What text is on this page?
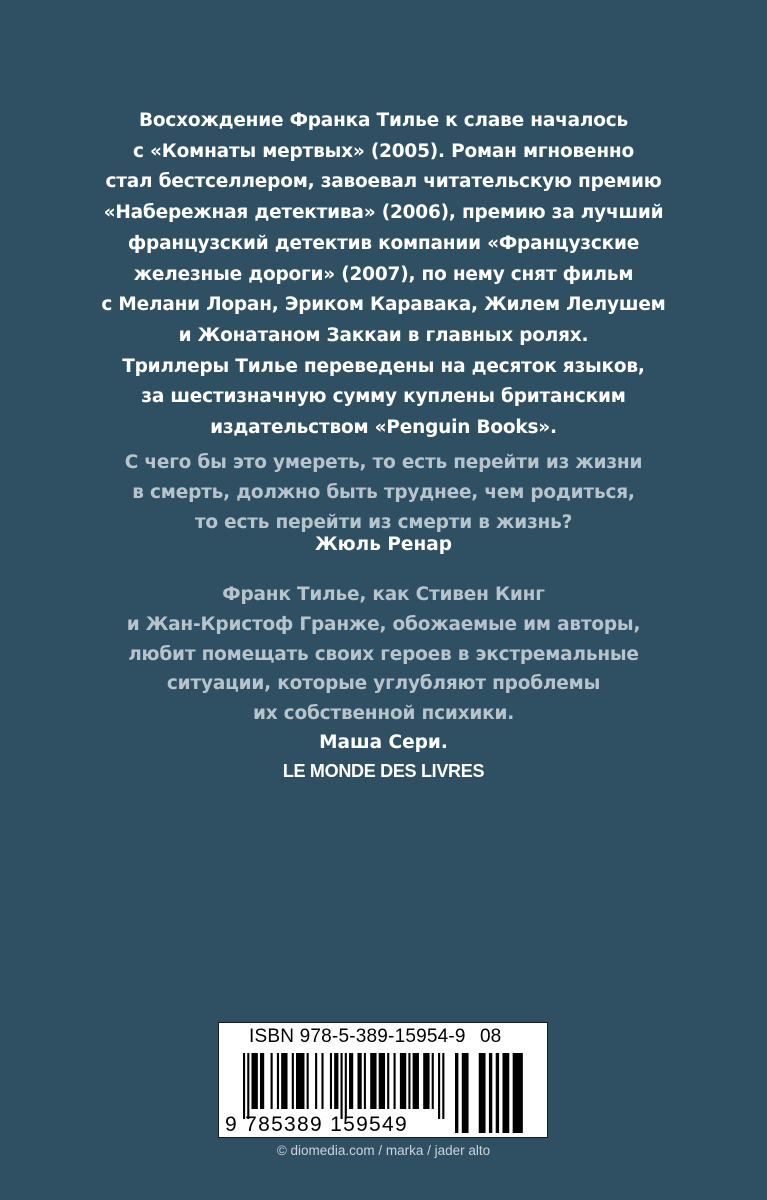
Восхождение Франка Тилье к славе началось
с «Комнаты мертвых» (2005). Роман мгновенно
стал бестселлером, завоевал читательскую премию
«Набережная детектива» (2006), премию за лучший
французский детектив компании «Французские
железные дороги» (2007), по нему снят фильм
с Мелани Лоран, Эриком Каравака, Жилем Лелушем
и Жонатаном Заккаи в главных ролях.
Триллеры Тилье переведены на десяток языков,
за шестизначную сумму куплены британским
издательством «Penguin Books».
С чего бы это умереть, то есть перейти из жизни
в смерть, должно быть труднее, чем родиться,
то есть перейти из смерти в жизнь?
Жюль Ренар
Франк Тилье, как Стивен Кинг
и Жан-Кристоф Гранже, обожаемые им авторы,
любит помещать своих героев в экстремальные
ситуации, которые углубляют проблемы
их собственной психики.
Маша Сери.
LE MONDE DES LIVRES
ISBN 978-5-389-15954-9 08
9 785389 159549
© diomedia.com / marka / jader alto
